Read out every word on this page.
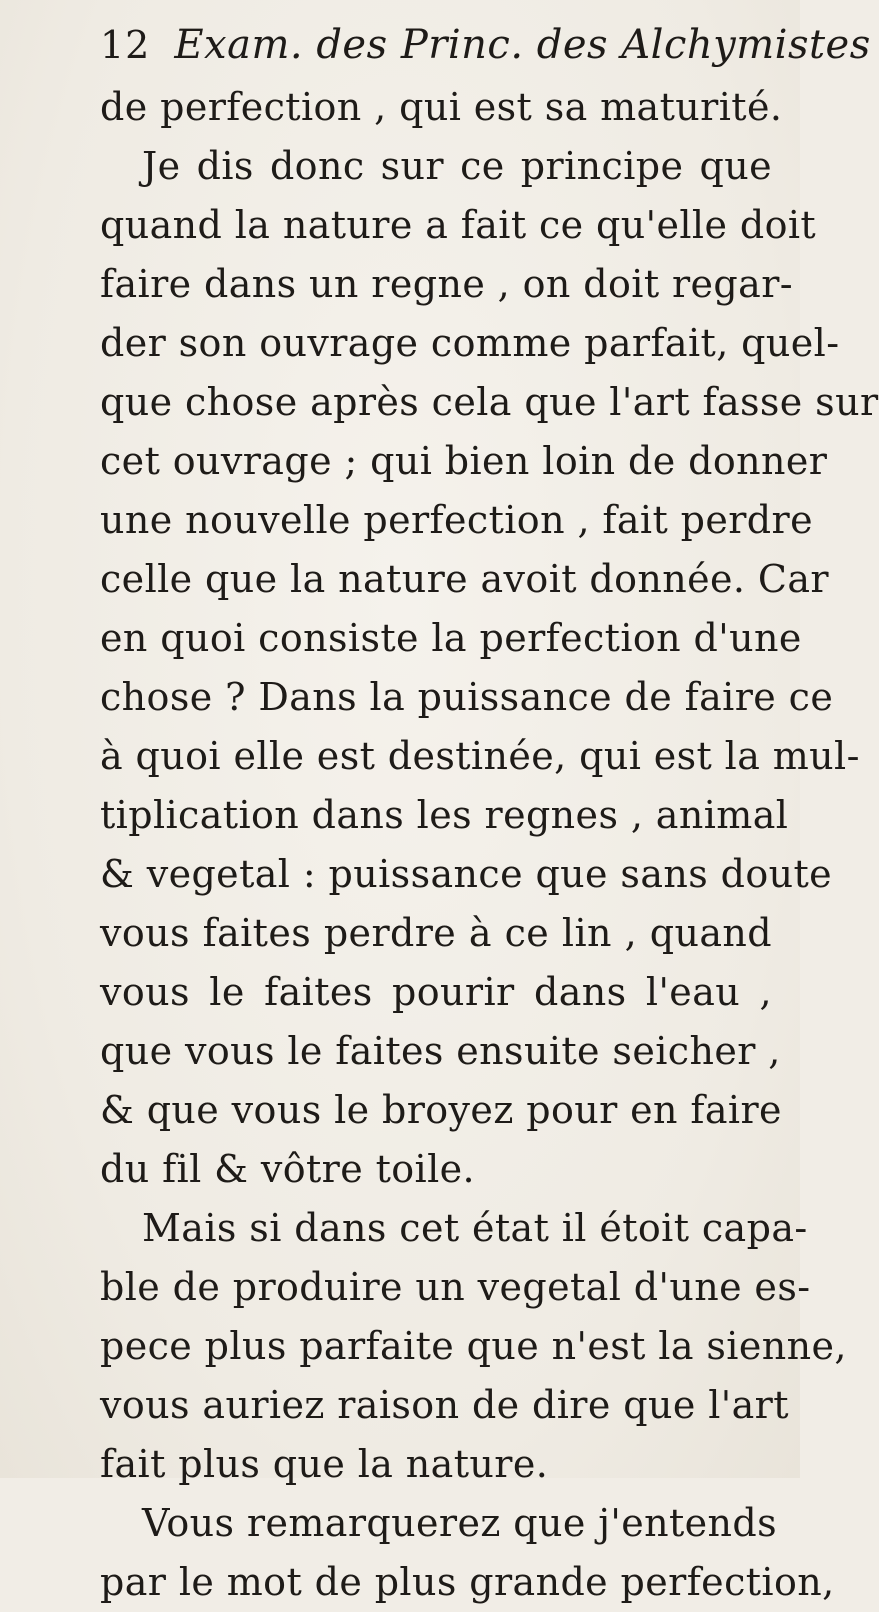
12 Exam. des Princ. des Alchymistes
de perfection , qui est sa maturité.
Je dis donc sur ce principe que
quand la nature a fait ce qu'elle doit
faire dans un regne , on doit regar-
der son ouvrage comme parfait, quel-
que chose après cela que l'art fasse sur
cet ouvrage ; qui bien loin de donner
une nouvelle perfection , fait perdre
celle que la nature avoit donnée. Car
en quoi consiste la perfection d'une
chose ? Dans la puissance de faire ce
à quoi elle est destinée, qui est la mul-
tiplication dans les regnes , animal
& vegetal : puissance que sans doute
vous faites perdre à ce lin , quand
vous le faites pourir dans l'eau ,
que vous le faites ensuite seicher ,
& que vous le broyez pour en faire
du fil & vôtre toile.
Mais si dans cet état il étoit capa-
ble de produire un vegetal d'une es-
pece plus parfaite que n'est la sienne,
vous auriez raison de dire que l'art
fait plus que la nature.
Vous remarquerez que j'entends
par le mot de plus grande perfection,
